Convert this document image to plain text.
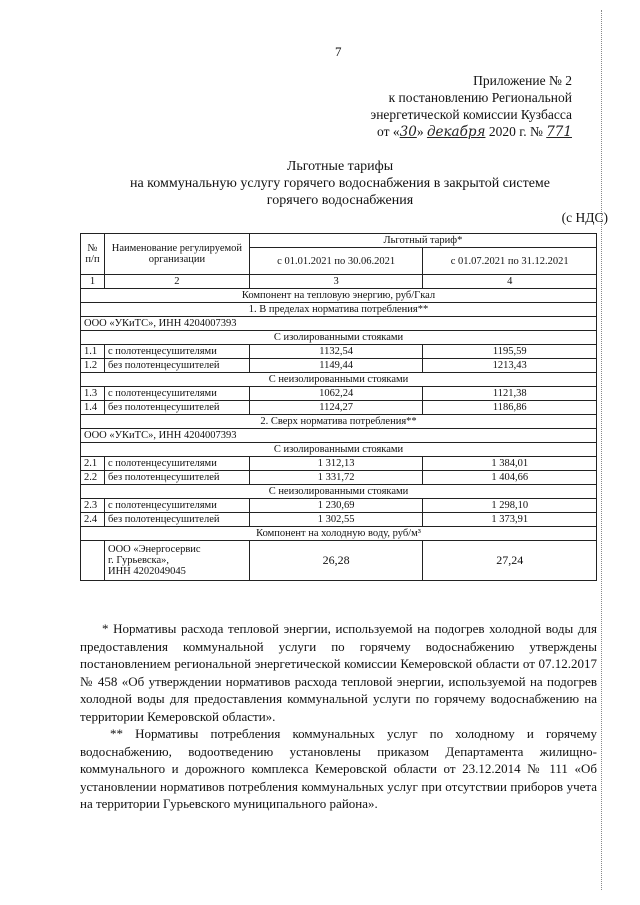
7
Приложение № 2
к постановлению Региональной
энергетической комиссии Кузбасса
от «30» декабря 2020 г. № 771
Льготные тарифы
на коммунальную услугу горячего водоснабжения в закрытой системе
горячего водоснабжения
(с НДС)
№ п/п	Наименование регулируемой организации	Льготный тариф*	
		с 01.01.2021 по 30.06.2021	с 01.07.2021 по 31.12.2021
1	2	3	4
Компонент на тепловую энергию, руб/Гкал			
1. В пределах норматива потребления**			
ООО «УКиТС», ИНН 4204007393			
С изолированными стояками			
1.1	с полотенцесушителями	1132,54	1195,59
1.2	без полотенцесушителей	1149,44	1213,43
С неизолированными стояками			
1.3	с полотенцесушителями	1062,24	1121,38
1.4	без полотенцесушителей	1124,27	1186,86
2. Сверх норматива потребления**			
ООО «УКиТС», ИНН 4204007393			
С изолированными стояками			
2.1	с полотенцесушителями	1 312,13	1 384,01
2.2	без полотенцесушителей	1 331,72	1 404,66
С неизолированными стояками			
2.3	с полотенцесушителями	1 230,69	1 298,10
2.4	без полотенцесушителей	1 302,55	1 373,91
Компонент на холодную воду, руб/м³			

	ООО «Энергосервис
г. Гурьевска»,
ИНН 4202049045	26,28	27,24

* Нормативы расхода тепловой энергии, используемой на подогрев холодной воды для предоставления коммунальной услуги по горячему водоснабжению утверждены постановлением региональной энергетической комиссии Кемеровской области от 07.12.2017 № 458 «Об утверждении нормативов расхода тепловой энергии, используемой на подогрев холодной воды для предоставления коммунальной услуги по горячему водоснабжению на территории Кемеровской области».

** Нормативы потребления коммунальных услуг по холодному и горячему водоснабжению, водоотведению установлены приказом Департамента жилищно-коммунального и дорожного комплекса Кемеровской области от 23.12.2014 № 111 «Об установлении нормативов потребления коммунальных услуг при отсутствии приборов учета на территории Гурьевского муниципального района».
